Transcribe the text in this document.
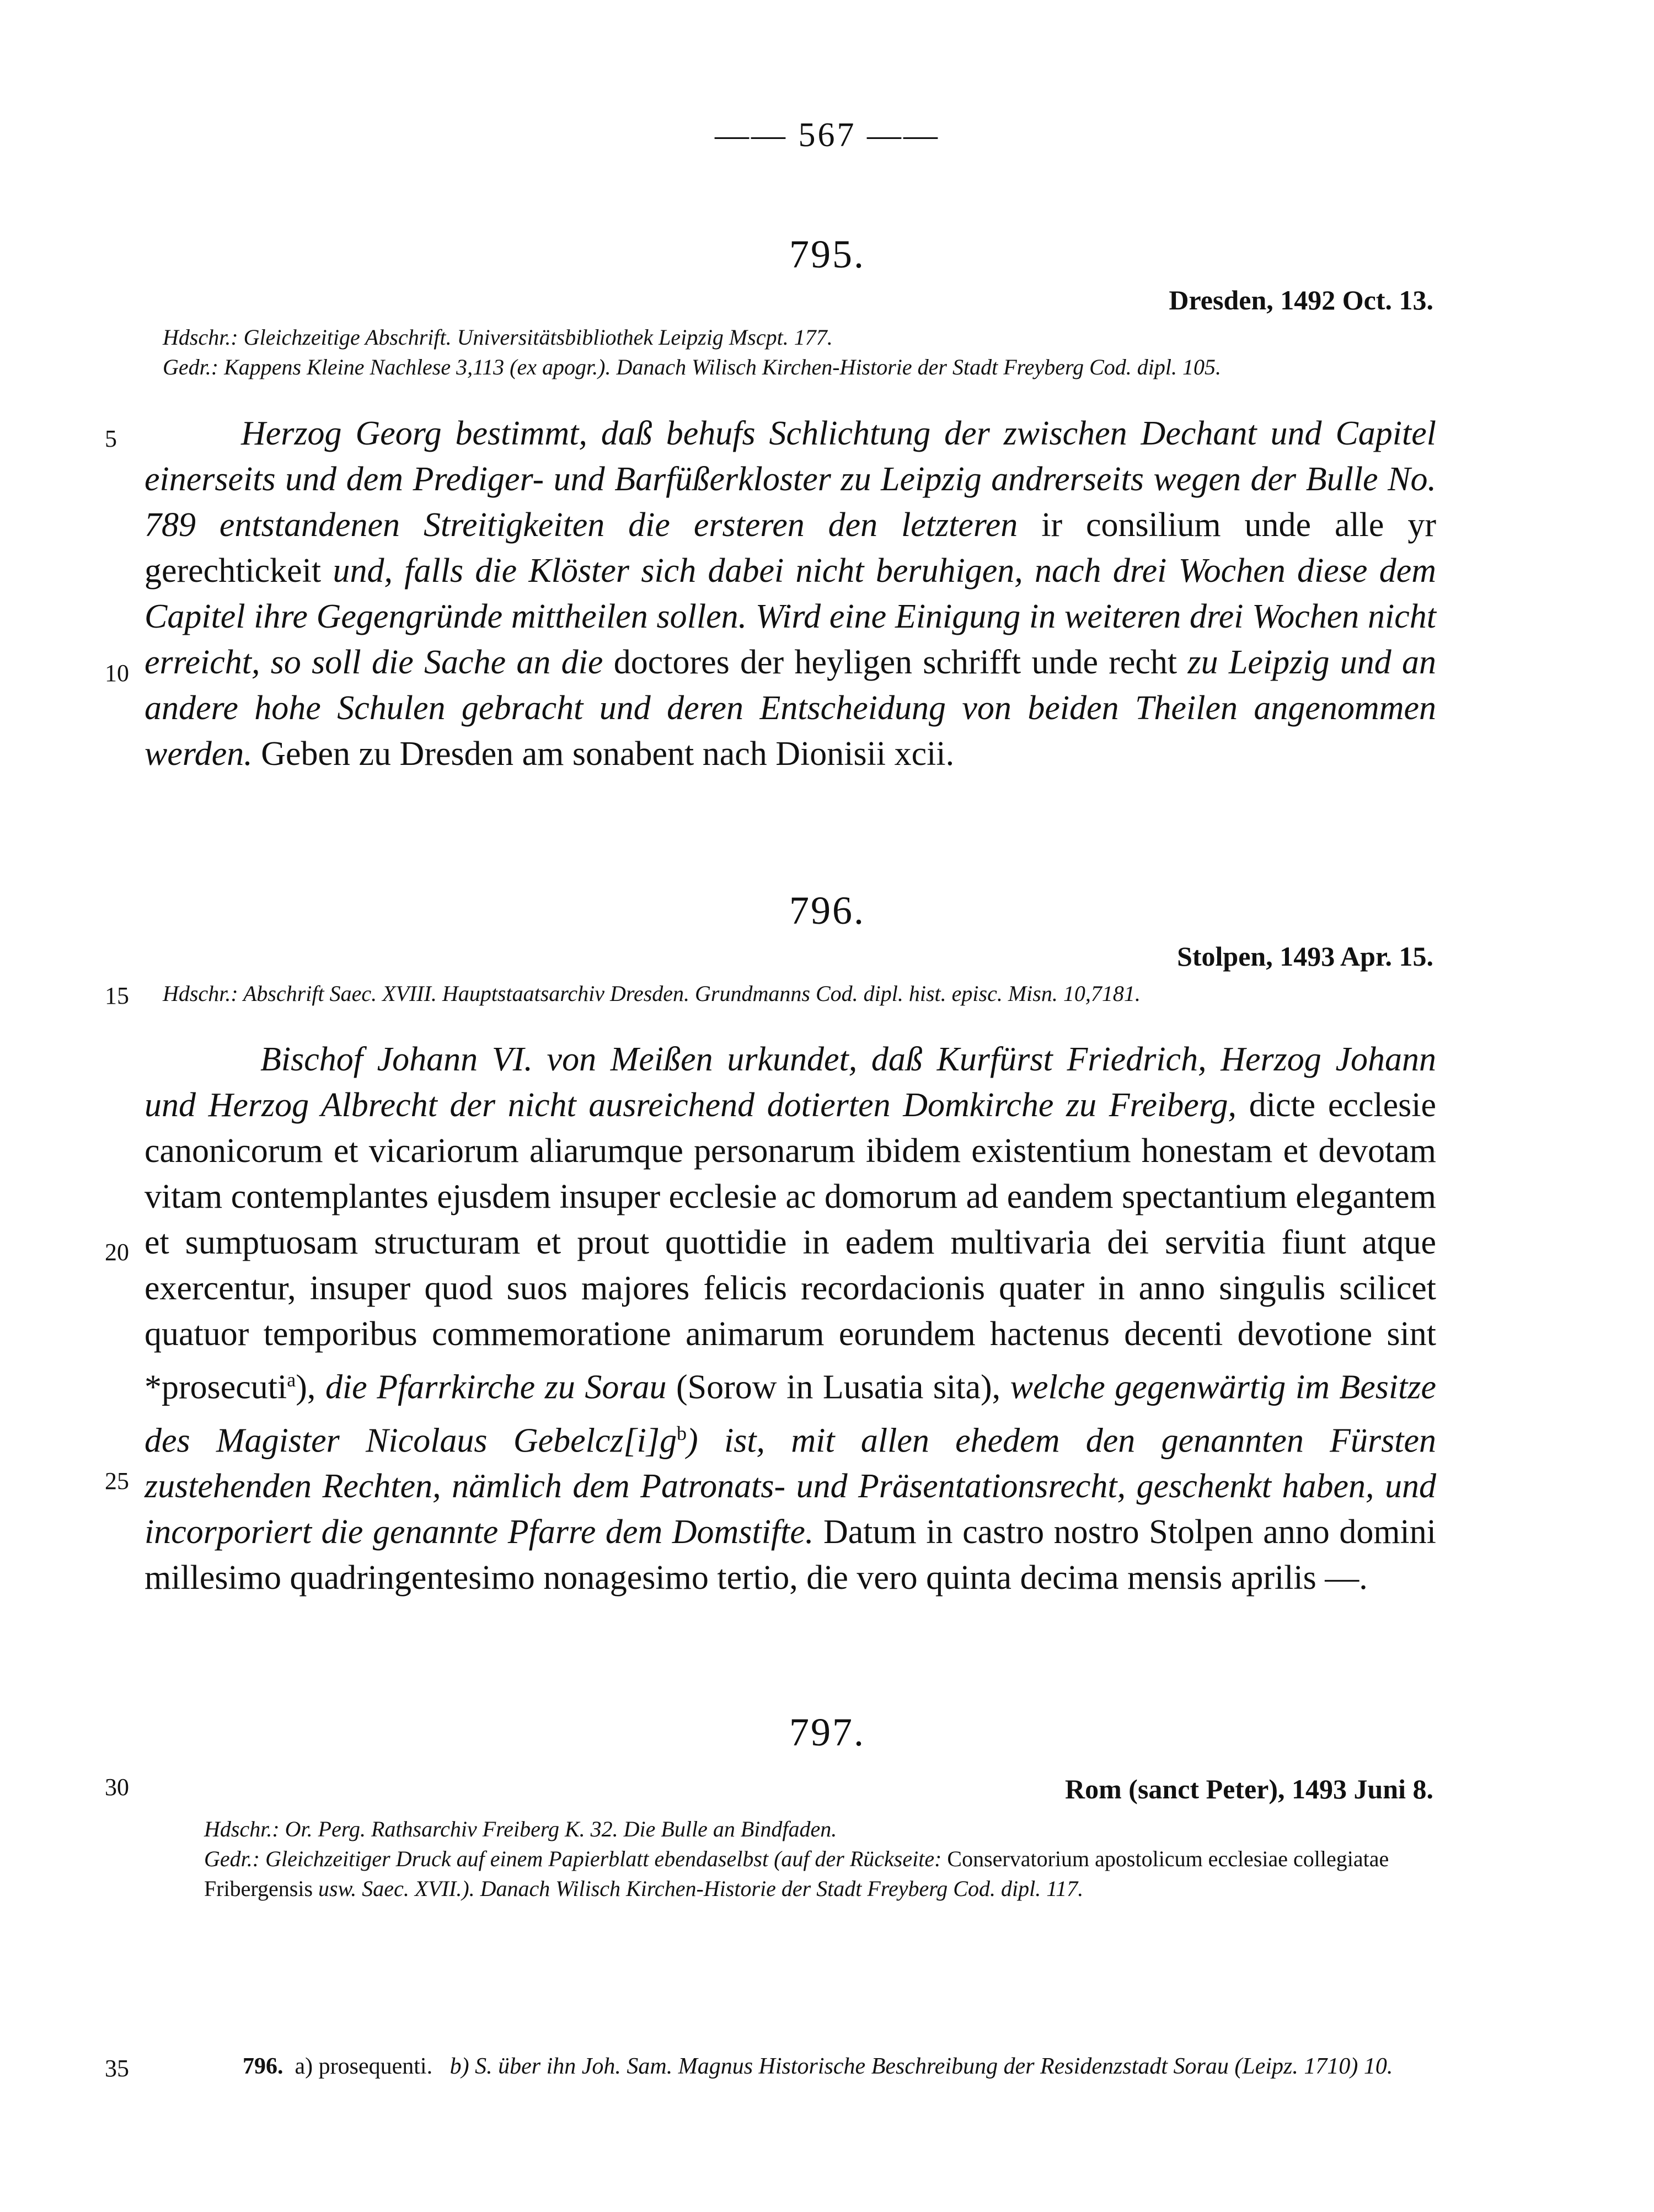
—— 567 ——
795.
Dresden, 1492 Oct. 13.
Hdschr.: Gleichzeitige Abschrift. Universitätsbibliothek Leipzig Mscpt. 177.
Gedr.: Kappens Kleine Nachlese 3,113 (ex apogr.). Danach Wilisch Kirchen-Historie der Stadt Freyberg Cod. dipl. 105.
5	Herzog Georg bestimmt, daß behufs Schlichtung der zwischen Dechant und Capitel einerseits und dem Prediger- und Barfüßerkloster zu Leipzig andrerseits wegen der Bulle No. 789 entstandenen Streitigkeiten die ersteren den letzteren ir consilium unde alle yr gerechtickeit und, falls die Klöster sich dabei nicht beruhigen, nach drei Wochen diese dem Capitel ihre Gegengründe mittheilen sollen. Wird eine Einigung in weiteren drei Wochen nicht erreicht, so soll die Sache an die doctores der heyligen schrifft unde recht zu Leipzig und an andere hohe Schulen gebracht und deren Entscheidung von beiden Theilen angenommen werden. Geben zu Dresden am sonabent nach Dionisii xcii.
10
796.
Stolpen, 1493 Apr. 15.
15	Hdschr.: Abschrift Saec. XVIII. Hauptstaatsarchiv Dresden. Grundmanns Cod. dipl. hist. episc. Misn. 10,7181.
Bischof Johann VI. von Meißen urkundet, daß Kurfürst Friedrich, Herzog Johann und Herzog Albrecht der nicht ausreichend dotierten Domkirche zu Freiberg, dicte ecclesie canonicorum et vicariorum aliarumque personarum ibidem existentium honestam et devotam vitam contemplantes ejusdem insuper ecclesie ac domorum ad eandem spectantium elegantem et sumptuosam structuram et prout quottidie in eadem multivaria dei servitia fiunt atque exercentur, insuper quod suos majores felicis recordacionis quater in anno singulis scilicet quatuor temporibus commemoratione animarum eorundem hactenus decenti devotione sint *prosecuti$^a$), die Pfarrkirche zu Sorau (Sorow in Lusatia sita), welche gegenwärtig im Besitze des Magister Nicolaus $Gebelcz[i]g^b$) ist, mit allen ehedem den genannten Fürsten zustehenden Rechten, nämlich dem Patronats- und Präsentationsrecht, geschenkt haben, und incorporiert die genannte Pfarre dem Domstifte. Datum in castro nostro Stolpen anno domini millesimo quadringentesimo nonagesimo tertio, die vero quinta decima mensis aprilis —.
20
25
797.
30	Rom (sanct Peter), 1493 Juni 8.
Hdschr.: Or. Perg. Rathsarchiv Freiberg K. 32. Die Bulle an Bindfaden.
Gedr.: Gleichzeitiger Druck auf einem Papierblatt ebendaselbst (auf der Rückseite: Conservatorium apostolicum ecclesiae collegiatae Fribergensis usw. Saec. XVII.). Danach Wilisch Kirchen-Historie der Stadt Freyberg Cod. dipl. 117.
35	796. a) prosequenti. b) S. über ihn Joh. Sam. Magnus Historische Beschreibung der Residenzstadt Sorau (Leipz. 1710) 10.
